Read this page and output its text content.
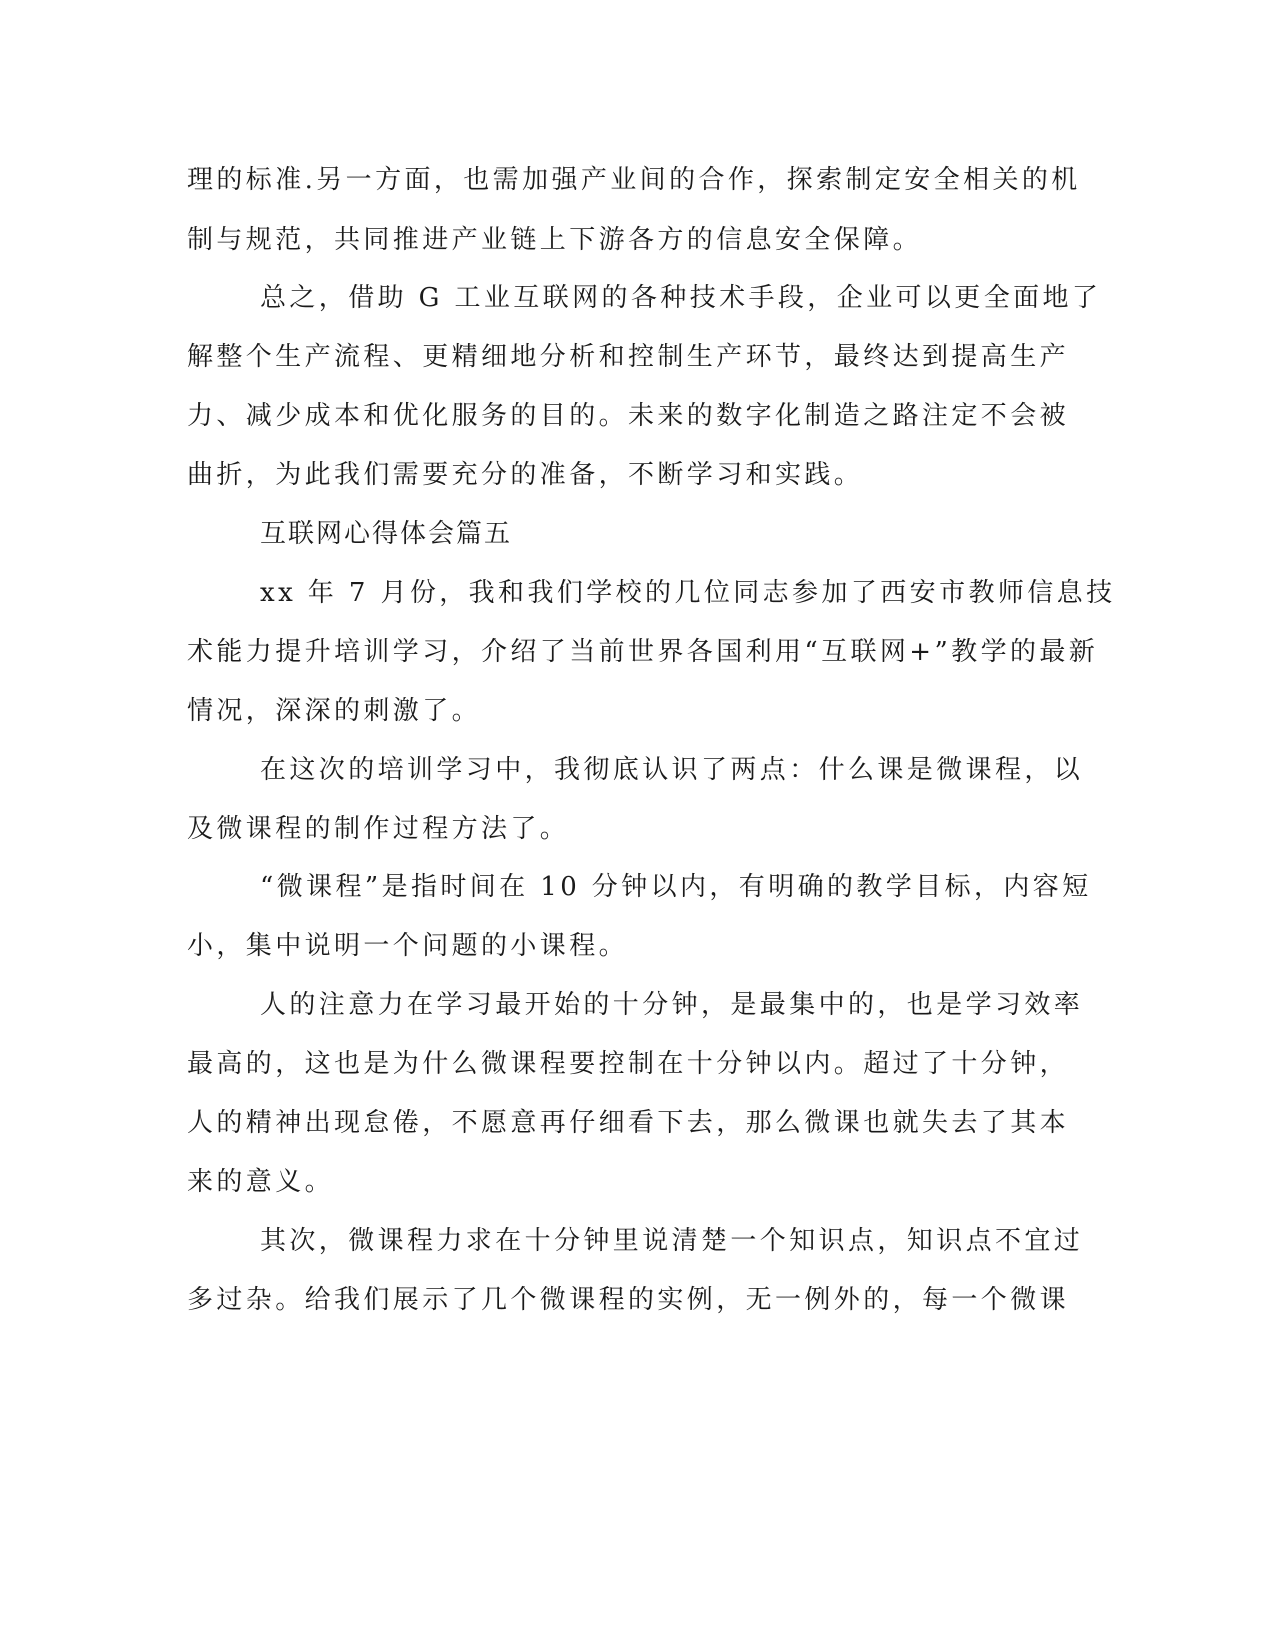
理的标准.另一方面，也需加强产业间的合作，探索制定安全相关的机
制与规范，共同推进产业链上下游各方的信息安全保障。
总之，借助 G 工业互联网的各种技术手段，企业可以更全面地了
解整个生产流程、更精细地分析和控制生产环节，最终达到提高生产
力、减少成本和优化服务的目的。未来的数字化制造之路注定不会被
曲折，为此我们需要充分的准备，不断学习和实践。
互联网心得体会篇五
xx 年 7 月份，我和我们学校的几位同志参加了西安市教师信息技
术能力提升培训学习，介绍了当前世界各国利用“互联网+”教学的最新
情况，深深的刺激了。
在这次的培训学习中，我彻底认识了两点：什么课是微课程，以
及微课程的制作过程方法了。
“微课程”是指时间在 10 分钟以内，有明确的教学目标，内容短
小，集中说明一个问题的小课程。
人的注意力在学习最开始的十分钟，是最集中的，也是学习效率
最高的，这也是为什么微课程要控制在十分钟以内。超过了十分钟，
人的精神出现怠倦，不愿意再仔细看下去，那么微课也就失去了其本
来的意义。
其次，微课程力求在十分钟里说清楚一个知识点，知识点不宜过
多过杂。给我们展示了几个微课程的实例，无一例外的，每一个微课
